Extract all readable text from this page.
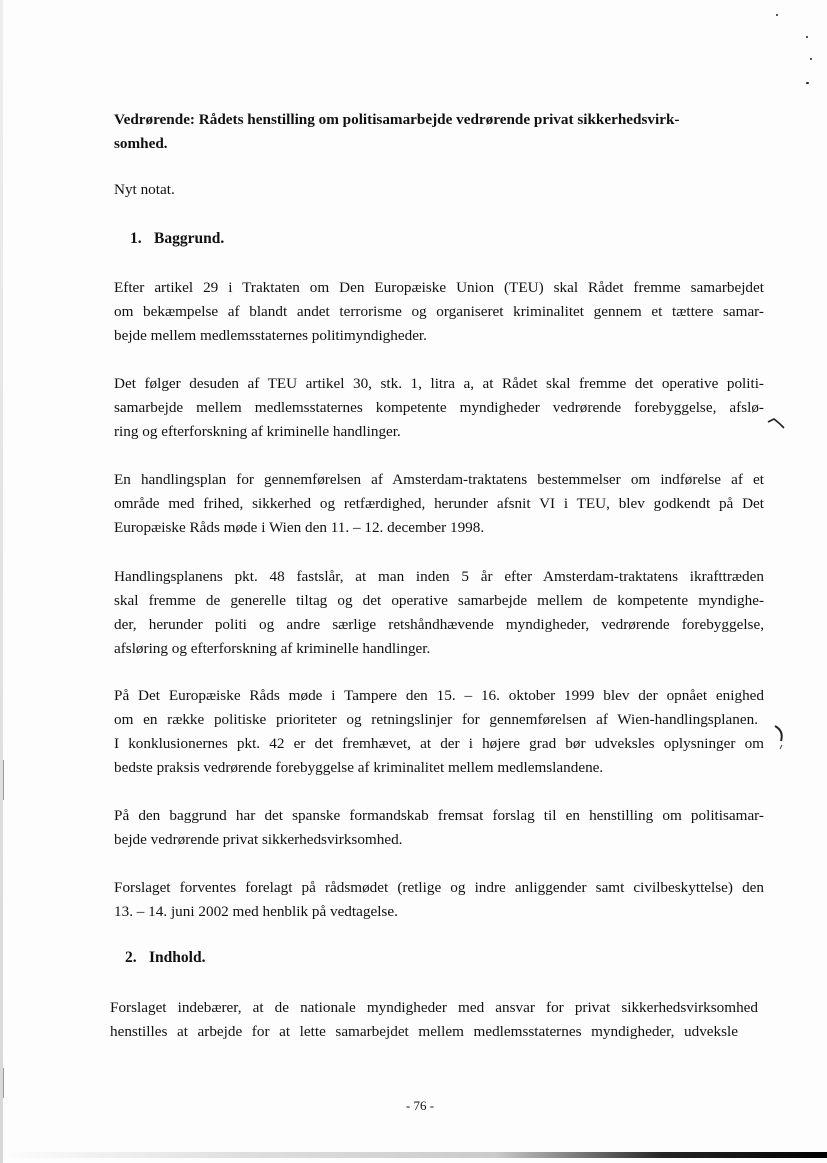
Vedrørende: Rådets henstilling om politisamarbejde vedrørende privat sikkerhedsvirk-
somhed.
Nyt notat.
1. Baggrund.
Efter artikel 29 i Traktaten om Den Europæiske Union (TEU) skal Rådet fremme samarbejdet
om bekæmpelse af blandt andet terrorisme og organiseret kriminalitet gennem et tættere samar-
bejde mellem medlemsstaternes politimyndigheder.
Det følger desuden af TEU artikel 30, stk. 1, litra a, at Rådet skal fremme det operative politi-
samarbejde mellem medlemsstaternes kompetente myndigheder vedrørende forebyggelse, afslø-
ring og efterforskning af kriminelle handlinger.
En handlingsplan for gennemførelsen af Amsterdam-traktatens bestemmelser om indførelse af et
område med frihed, sikkerhed og retfærdighed, herunder afsnit VI i TEU, blev godkendt på Det
Europæiske Råds møde i Wien den 11. – 12. december 1998.
Handlingsplanens pkt. 48 fastslår, at man inden 5 år efter Amsterdam-traktatens ikrafttræden
skal fremme de generelle tiltag og det operative samarbejde mellem de kompetente myndighe-
der, herunder politi og andre særlige retshåndhævende myndigheder, vedrørende forebyggelse,
afsløring og efterforskning af kriminelle handlinger.
På Det Europæiske Råds møde i Tampere den 15. – 16. oktober 1999 blev der opnået enighed
om en række politiske prioriteter og retningslinjer for gennemførelsen af Wien-handlingsplanen.
I konklusionernes pkt. 42 er det fremhævet, at der i højere grad bør udveksles oplysninger om
bedste praksis vedrørende forebyggelse af kriminalitet mellem medlemslandene.
På den baggrund har det spanske formandskab fremsat forslag til en henstilling om politisamar-
bejde vedrørende privat sikkerhedsvirksomhed.
Forslaget forventes forelagt på rådsmødet (retlige og indre anliggender samt civilbeskyttelse) den
13. – 14. juni 2002 med henblik på vedtagelse.
2. Indhold.
Forslaget indebærer, at de nationale myndigheder med ansvar for privat sikkerhedsvirksomhed
henstilles at arbejde for at lette samarbejdet mellem medlemsstaternes myndigheder, udveksle
- 76 -
